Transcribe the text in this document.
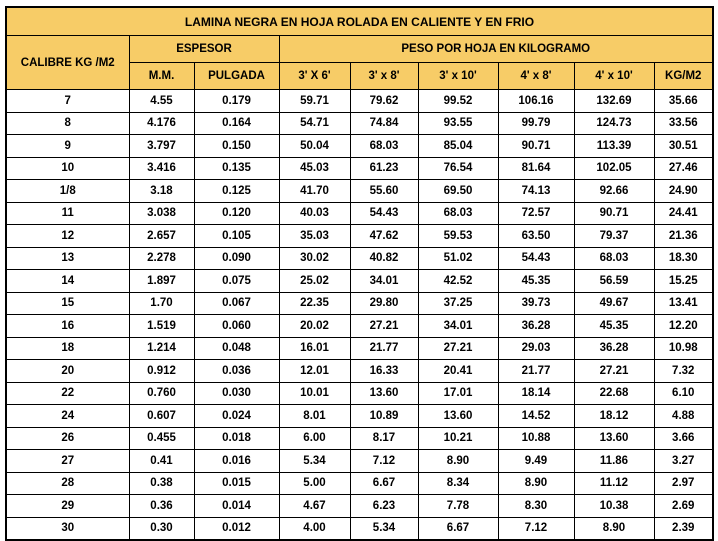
LAMINA NEGRA EN HOJA ROLADA EN CALIENTE Y EN FRIO								
CALIBRE KG /M2	ESPESOR		PESO POR HOJA EN KILOGRAMO					
	M.M.	PULGADA	3' X 6'	3' x 8'	3' x 10'	4' x 8'	4' x 10'	KG/M2
7	4.55	0.179	59.71	79.62	99.52	106.16	132.69	35.66
8	4.176	0.164	54.71	74.84	93.55	99.79	124.73	33.56
9	3.797	0.150	50.04	68.03	85.04	90.71	113.39	30.51
10	3.416	0.135	45.03	61.23	76.54	81.64	102.05	27.46
1/8	3.18	0.125	41.70	55.60	69.50	74.13	92.66	24.90
11	3.038	0.120	40.03	54.43	68.03	72.57	90.71	24.41
12	2.657	0.105	35.03	47.62	59.53	63.50	79.37	21.36
13	2.278	0.090	30.02	40.82	51.02	54.43	68.03	18.30
14	1.897	0.075	25.02	34.01	42.52	45.35	56.59	15.25
15	1.70	0.067	22.35	29.80	37.25	39.73	49.67	13.41
16	1.519	0.060	20.02	27.21	34.01	36.28	45.35	12.20
18	1.214	0.048	16.01	21.77	27.21	29.03	36.28	10.98
20	0.912	0.036	12.01	16.33	20.41	21.77	27.21	7.32
22	0.760	0.030	10.01	13.60	17.01	18.14	22.68	6.10
24	0.607	0.024	8.01	10.89	13.60	14.52	18.12	4.88
26	0.455	0.018	6.00	8.17	10.21	10.88	13.60	3.66
27	0.41	0.016	5.34	7.12	8.90	9.49	11.86	3.27
28	0.38	0.015	5.00	6.67	8.34	8.90	11.12	2.97
29	0.36	0.014	4.67	6.23	7.78	8.30	10.38	2.69
30	0.30	0.012	4.00	5.34	6.67	7.12	8.90	2.39
